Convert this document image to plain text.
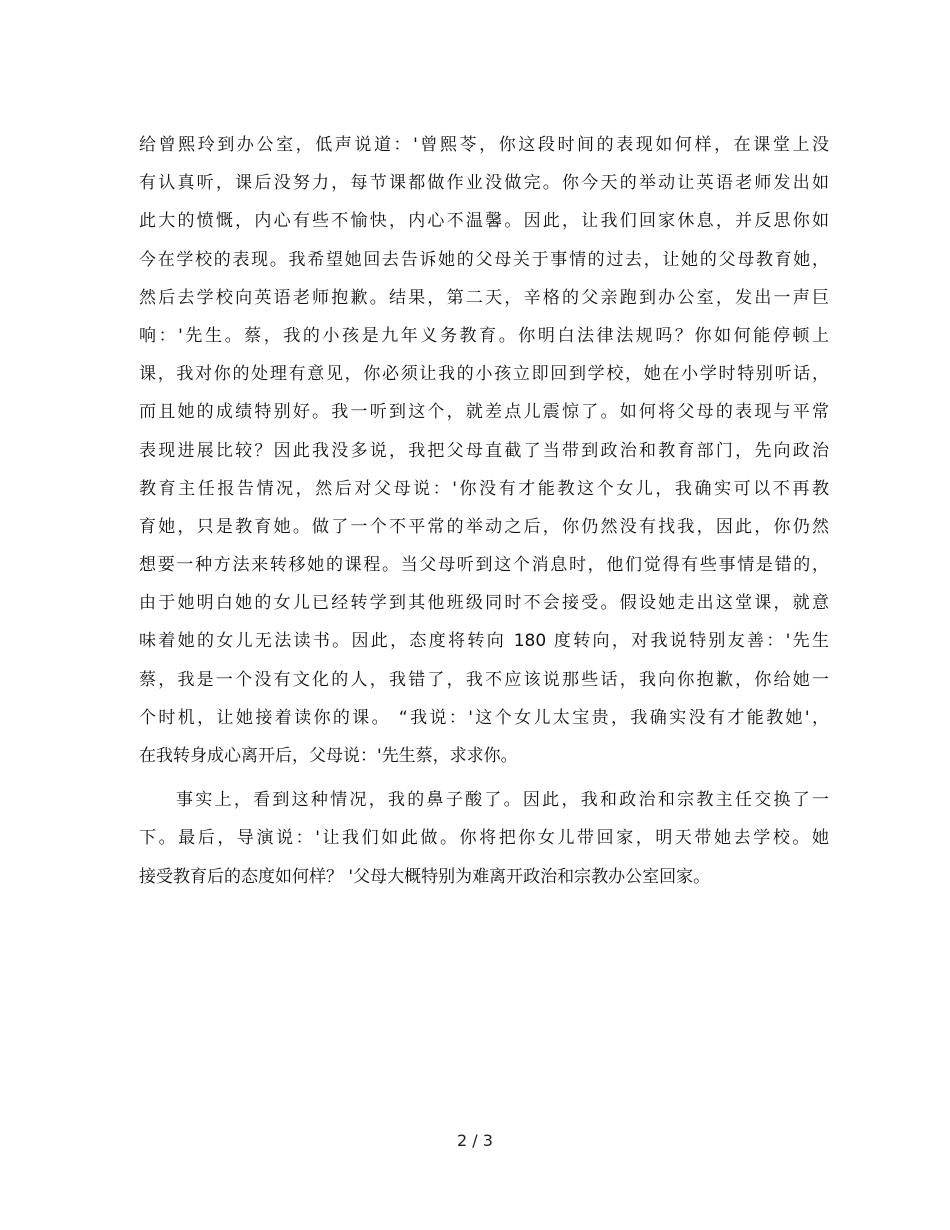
给曾熙玲到办公室，低声说道：'曾熙苓，你这段时间的表现如何样，在课堂上没
有认真听，课后没努力，每节课都做作业没做完。你今天的举动让英语老师发出如
此大的愤慨，内心有些不愉快，内心不温馨。因此，让我们回家休息，并反思你如
今在学校的表现。我希望她回去告诉她的父母关于事情的过去，让她的父母教育她，
然后去学校向英语老师抱歉。结果，第二天，辛格的父亲跑到办公室，发出一声巨
响：'先生。蔡，我的小孩是九年义务教育。你明白法律法规吗？你如何能停顿上
课，我对你的处理有意见，你必须让我的小孩立即回到学校，她在小学时特别听话，
而且她的成绩特别好。我一听到这个，就差点儿震惊了。如何将父母的表现与平常
表现进展比较？因此我没多说，我把父母直截了当带到政治和教育部门，先向政治
教育主任报告情况，然后对父母说：'你没有才能教这个女儿，我确实可以不再教
育她，只是教育她。做了一个不平常的举动之后，你仍然没有找我，因此，你仍然
想要一种方法来转移她的课程。当父母听到这个消息时，他们觉得有些事情是错的，
由于她明白她的女儿已经转学到其他班级同时不会接受。假设她走出这堂课，就意
味着她的女儿无法读书。因此，态度将转向 180 度转向，对我说特别友善：'先生
蔡，我是一个没有文化的人，我错了，我不应该说那些话，我向你抱歉，你给她一
个时机，让她接着读你的课。 “我说：'这个女儿太宝贵，我确实没有才能教她'，
在我转身成心离开后，父母说：'先生蔡，求求你。
事实上，看到这种情况，我的鼻子酸了。因此，我和政治和宗教主任交换了一
下。最后，导演说：'让我们如此做。你将把你女儿带回家，明天带她去学校。她
接受教育后的态度如何样？ '父母大概特别为难离开政治和宗教办公室回家。
2 / 3
